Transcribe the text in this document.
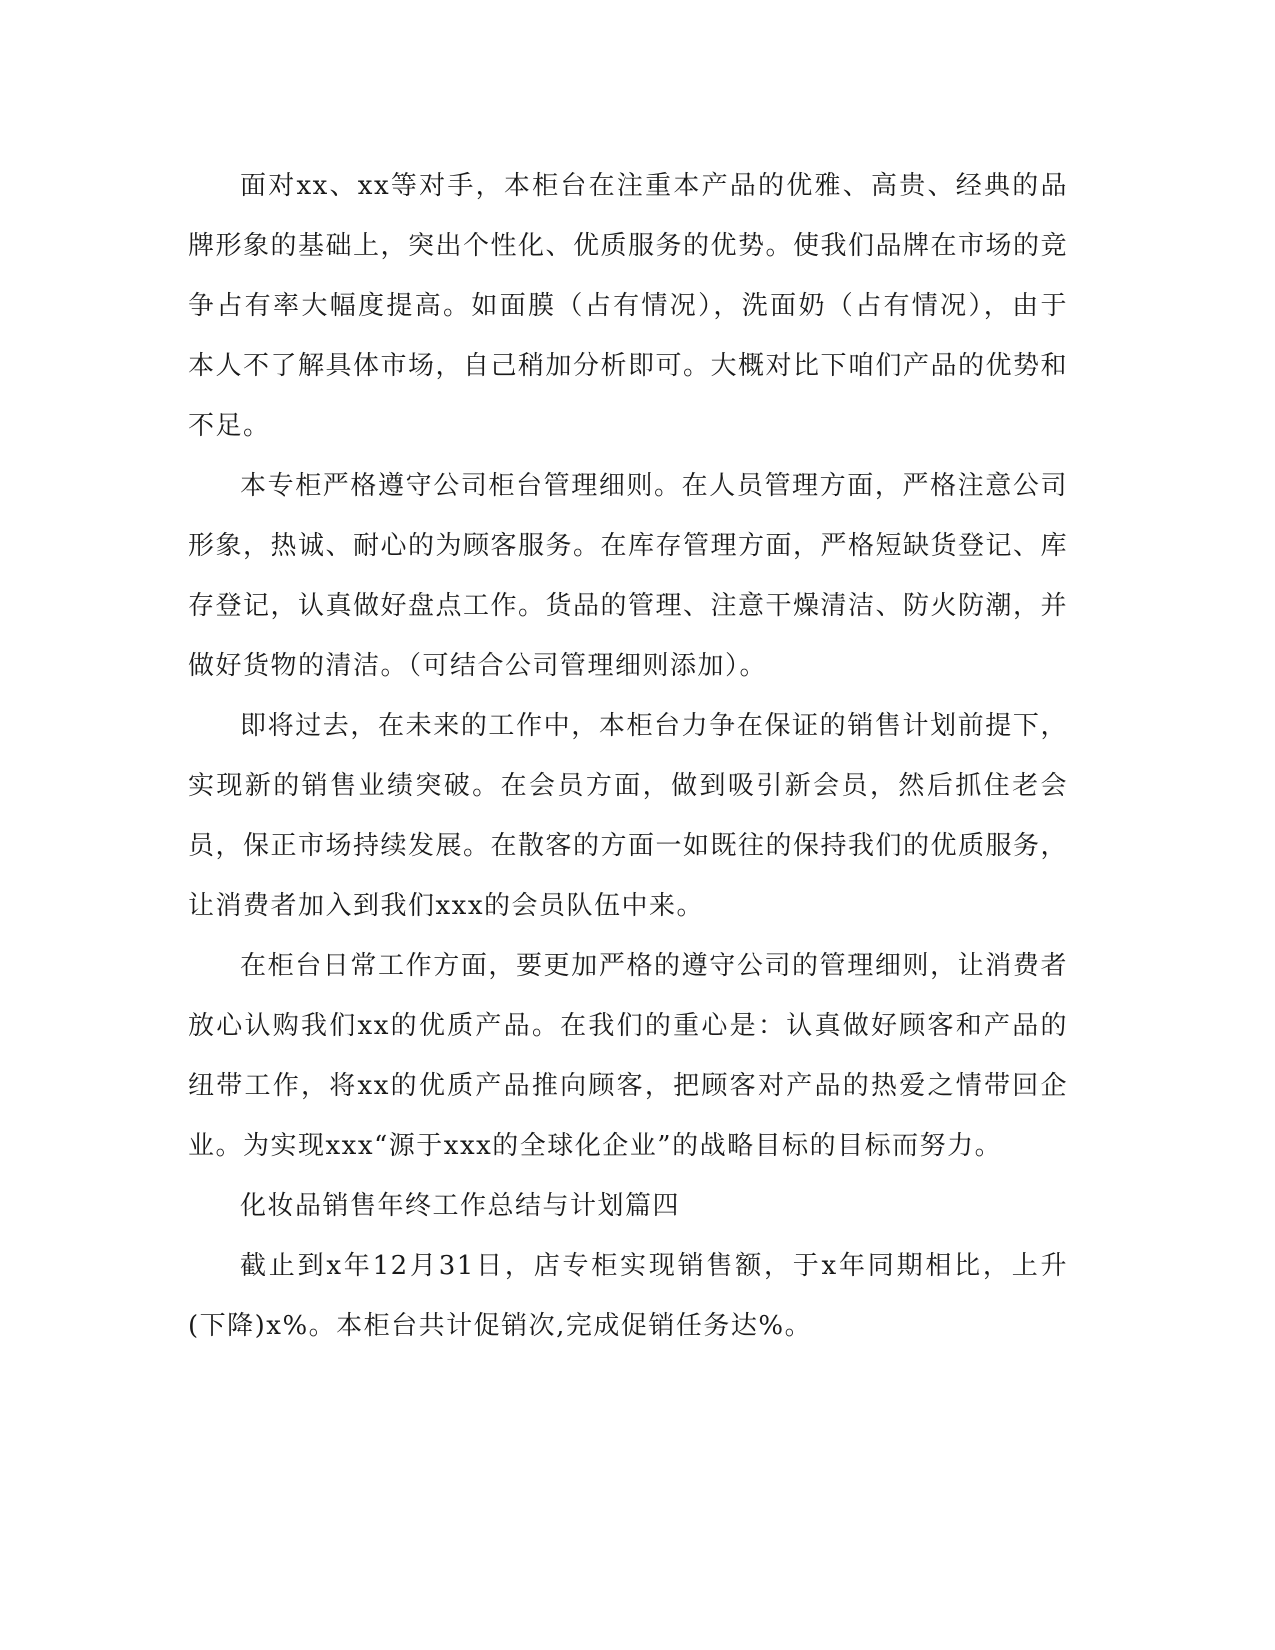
面对xx、xx等对手，本柜台在注重本产品的优雅、高贵、经典的品牌形象的基础上，突出个性化、优质服务的优势。使我们品牌在市场的竞争占有率大幅度提高。如面膜（占有情况），洗面奶（占有情况），由于本人不了解具体市场，自己稍加分析即可。大概对比下咱们产品的优势和不足。

本专柜严格遵守公司柜台管理细则。在人员管理方面，严格注意公司形象，热诚、耐心的为顾客服务。在库存管理方面，严格短缺货登记、库存登记，认真做好盘点工作。货品的管理、注意干燥清洁、防火防潮，并做好货物的清洁。（可结合公司管理细则添加）。

即将过去，在未来的工作中，本柜台力争在保证的销售计划前提下，实现新的销售业绩突破。在会员方面，做到吸引新会员，然后抓住老会员，保正市场持续发展。在散客的方面一如既往的保持我们的优质服务，让消费者加入到我们xxx的会员队伍中来。

在柜台日常工作方面，要更加严格的遵守公司的管理细则，让消费者放心认购我们xx的优质产品。在我们的重心是：认真做好顾客和产品的纽带工作，将xx的优质产品推向顾客，把顾客对产品的热爱之情带回企业。为实现xxx“源于xxx的全球化企业”的战略目标的目标而努力。

化妆品销售年终工作总结与计划篇四

截止到x年12月31日，店专柜实现销售额，于x年同期相比，上升(下降)x%。本柜台共计促销次,完成促销任务达%。
